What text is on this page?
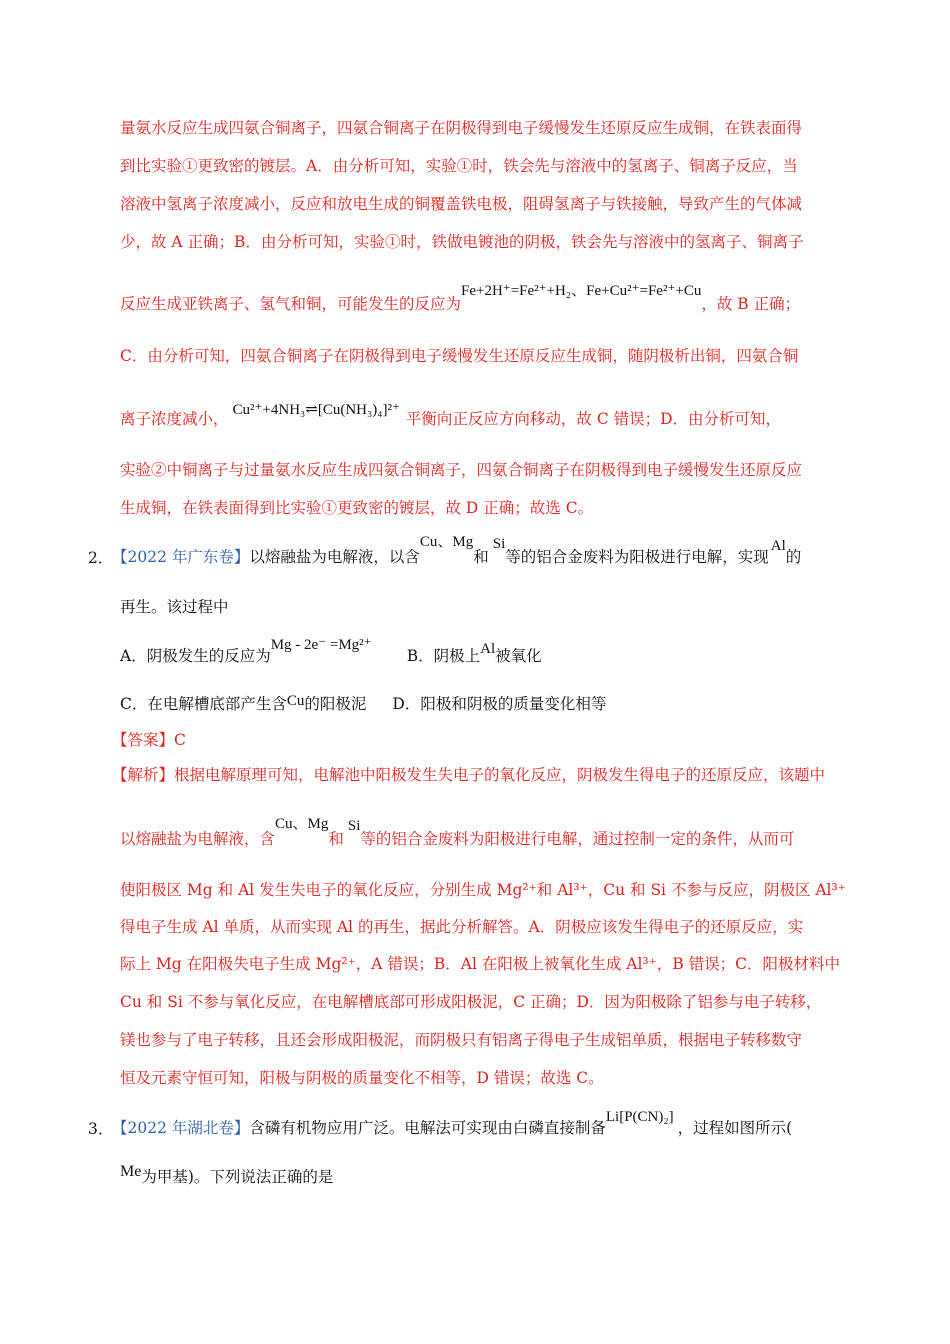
量氨水反应生成四氨合铜离子，四氨合铜离子在阴极得到电子缓慢发生还原反应生成铜，在铁表面得
到比实验①更致密的镀层。A．由分析可知，实验①时，铁会先与溶液中的氢离子、铜离子反应，当
溶液中氢离子浓度减小，反应和放电生成的铜覆盖铁电极，阻碍氢离子与铁接触，导致产生的气体减
少，故 A 正确；B．由分析可知，实验①时，铁做电镀池的阴极，铁会先与溶液中的氢离子、铜离子
反应生成亚铁离子、氢气和铜，可能发生的反应为Fe+2H⁺=Fe²⁺+H₂、Fe+Cu²⁺=Fe²⁺+Cu，故 B 正确；
C．由分析可知，四氨合铜离子在阴极得到电子缓慢发生还原反应生成铜，随阴极析出铜，四氨合铜
离子浓度减小， Cu²⁺+4NH₃⇌[Cu(NH₃)₄]²⁺ 平衡向正反应方向移动，故 C 错误；D．由分析可知，
实验②中铜离子与过量氨水反应生成四氨合铜离子，四氨合铜离子在阴极得到电子缓慢发生还原反应
生成铜，在铁表面得到比实验①更致密的镀层，故 D 正确；故选 C。
2．
【2022 年广东卷】以熔融盐为电解液，以含Cu、Mg和Si等的铝合金废料为阳极进行电解，实现Al的
再生。该过程中
A．阴极发生的反应为Mg - 2e⁻ =Mg²⁺B．阴极上Al被氧化
C．在电解槽底部产生含Cu的阳极泥 D．阳极和阴极的质量变化相等
【答案】C
【解析】根据电解原理可知，电解池中阳极发生失电子的氧化反应，阴极发生得电子的还原反应，该题中
以熔融盐为电解液，含Cu、Mg和Si等的铝合金废料为阳极进行电解，通过控制一定的条件，从而可
使阳极区 Mg 和 Al 发生失电子的氧化反应，分别生成 Mg²⁺和 Al³⁺，Cu 和 Si 不参与反应，阴极区 Al³⁺
得电子生成 Al 单质，从而实现 Al 的再生，据此分析解答。A．阴极应该发生得电子的还原反应，实
际上 Mg 在阳极失电子生成 Mg²⁺，A 错误；B．Al 在阳极上被氧化生成 Al³⁺，B 错误；C．阳极材料中
Cu 和 Si 不参与氧化反应，在电解槽底部可形成阳极泥，C 正确；D．因为阳极除了铝参与电子转移，
镁也参与了电子转移，且还会形成阳极泥，而阴极只有铝离子得电子生成铝单质，根据电子转移数守
恒及元素守恒可知，阳极与阴极的质量变化不相等，D 错误；故选 C。
3．
【2022 年湖北卷】含磷有机物应用广泛。电解法可实现由白磷直接制备Li[P(CN)₂]，过程如图所示(
Me为甲基)。下列说法正确的是
